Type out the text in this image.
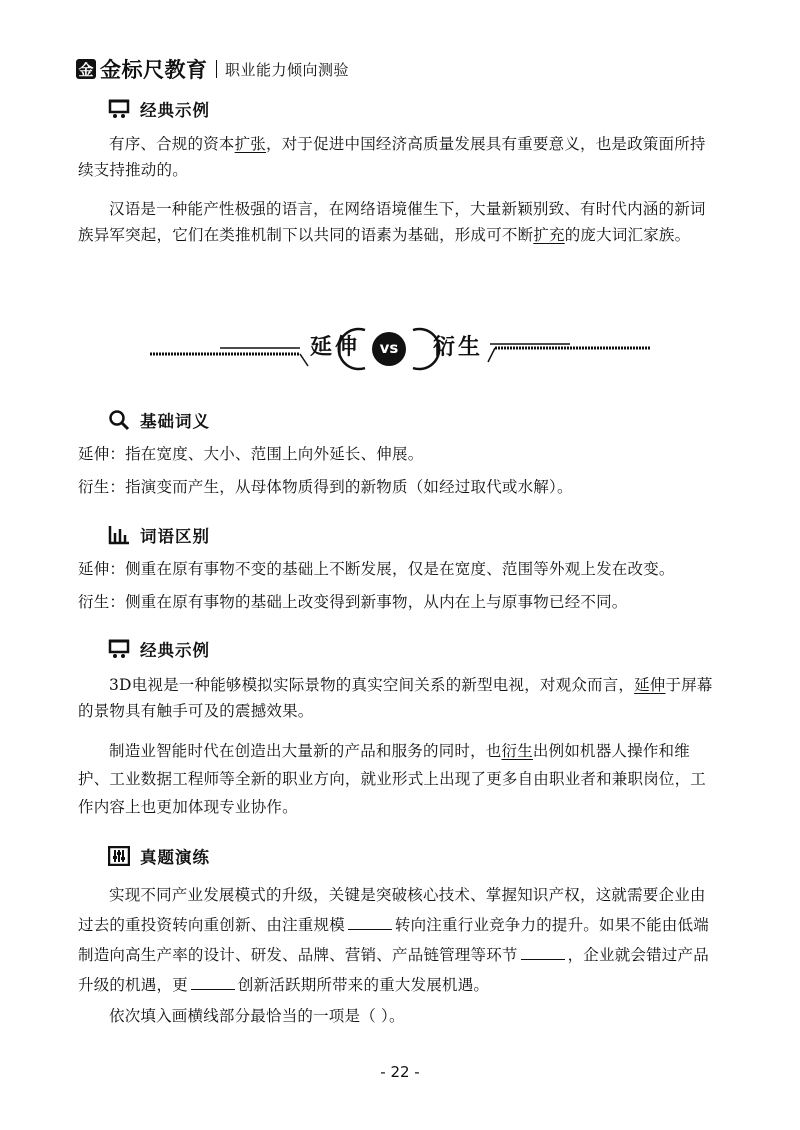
金 金标尺教育 职业能力倾向测验
经典示例
有序、合规的资本扩张，对于促进中国经济高质量发展具有重要意义，也是政策面所持续支持推动的。
汉语是一种能产性极强的语言，在网络语境催生下，大量新颖别致、有时代内涵的新词族异军突起，它们在类推机制下以共同的语素为基础，形成可不断扩充的庞大词汇家族。
延伸	vs	衍生
基础词义
延伸：指在宽度、大小、范围上向外延长、伸展。
衍生：指演变而产生，从母体物质得到的新物质（如经过取代或水解）。
词语区别
延伸：侧重在原有事物不变的基础上不断发展，仅是在宽度、范围等外观上发在改变。
衍生：侧重在原有事物的基础上改变得到新事物，从内在上与原事物已经不同。
经典示例
3D电视是一种能够模拟实际景物的真实空间关系的新型电视，对观众而言，延伸于屏幕的景物具有触手可及的震撼效果。
制造业智能时代在创造出大量新的产品和服务的同时，也衍生出例如机器人操作和维护、工业数据工程师等全新的职业方向，就业形式上出现了更多自由职业者和兼职岗位，工作内容上也更加体现专业协作。
真题演练
实现不同产业发展模式的升级，关键是突破核心技术、掌握知识产权，这就需要企业由过去的重投资转向重创新、由注重规模	转向注重行业竞争力的提升。如果不能由低端制造向高生产率的设计、研发、品牌、营销、产品链管理等环节	，企业就会错过产品升级的机遇，更	创新活跃期所带来的重大发展机遇。
依次填入画横线部分最恰当的一项是（ ）。
- 22 -
